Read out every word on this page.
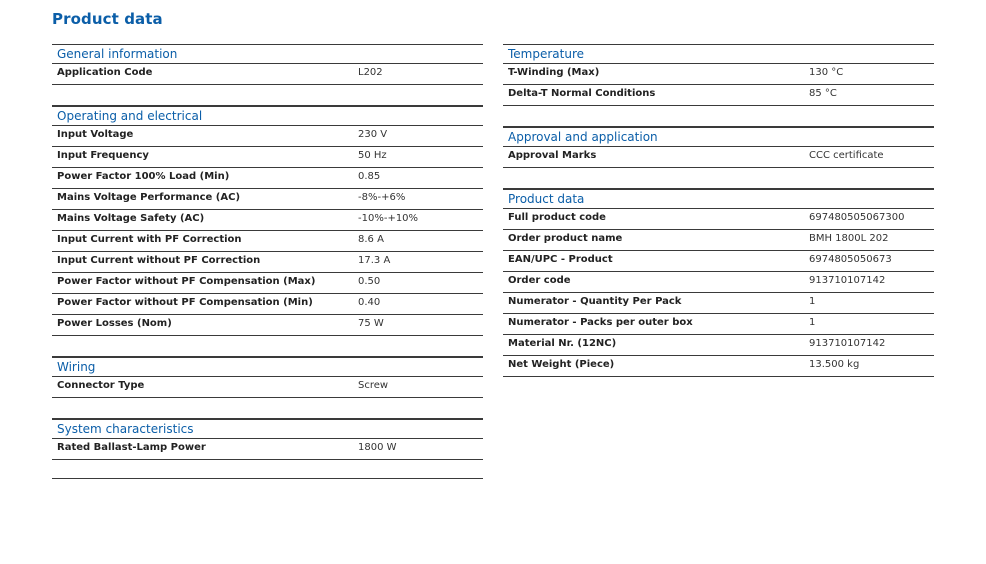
Product data
General information
Application Code	L202
Operating and electrical
Input Voltage	230 V
Input Frequency	50 Hz
Power Factor 100% Load (Min)	0.85
Mains Voltage Performance (AC)	-8%-+6%
Mains Voltage Safety (AC)	-10%-+10%
Input Current with PF Correction	8.6 A
Input Current without PF Correction	17.3 A
Power Factor without PF Compensation (Max)	0.50
Power Factor without PF Compensation (Min)	0.40
Power Losses (Nom)	75 W
Wiring
Connector Type	Screw
System characteristics
Rated Ballast-Lamp Power	1800 W
Temperature
T-Winding (Max)	130 °C
Delta-T Normal Conditions	85 °C
Approval and application
Approval Marks	CCC certificate
Product data
Full product code	697480505067300
Order product name	BMH 1800L 202
EAN/UPC - Product	6974805050673
Order code	913710107142
Numerator - Quantity Per Pack	1
Numerator - Packs per outer box	1
Material Nr. (12NC)	913710107142
Net Weight (Piece)	13.500 kg
